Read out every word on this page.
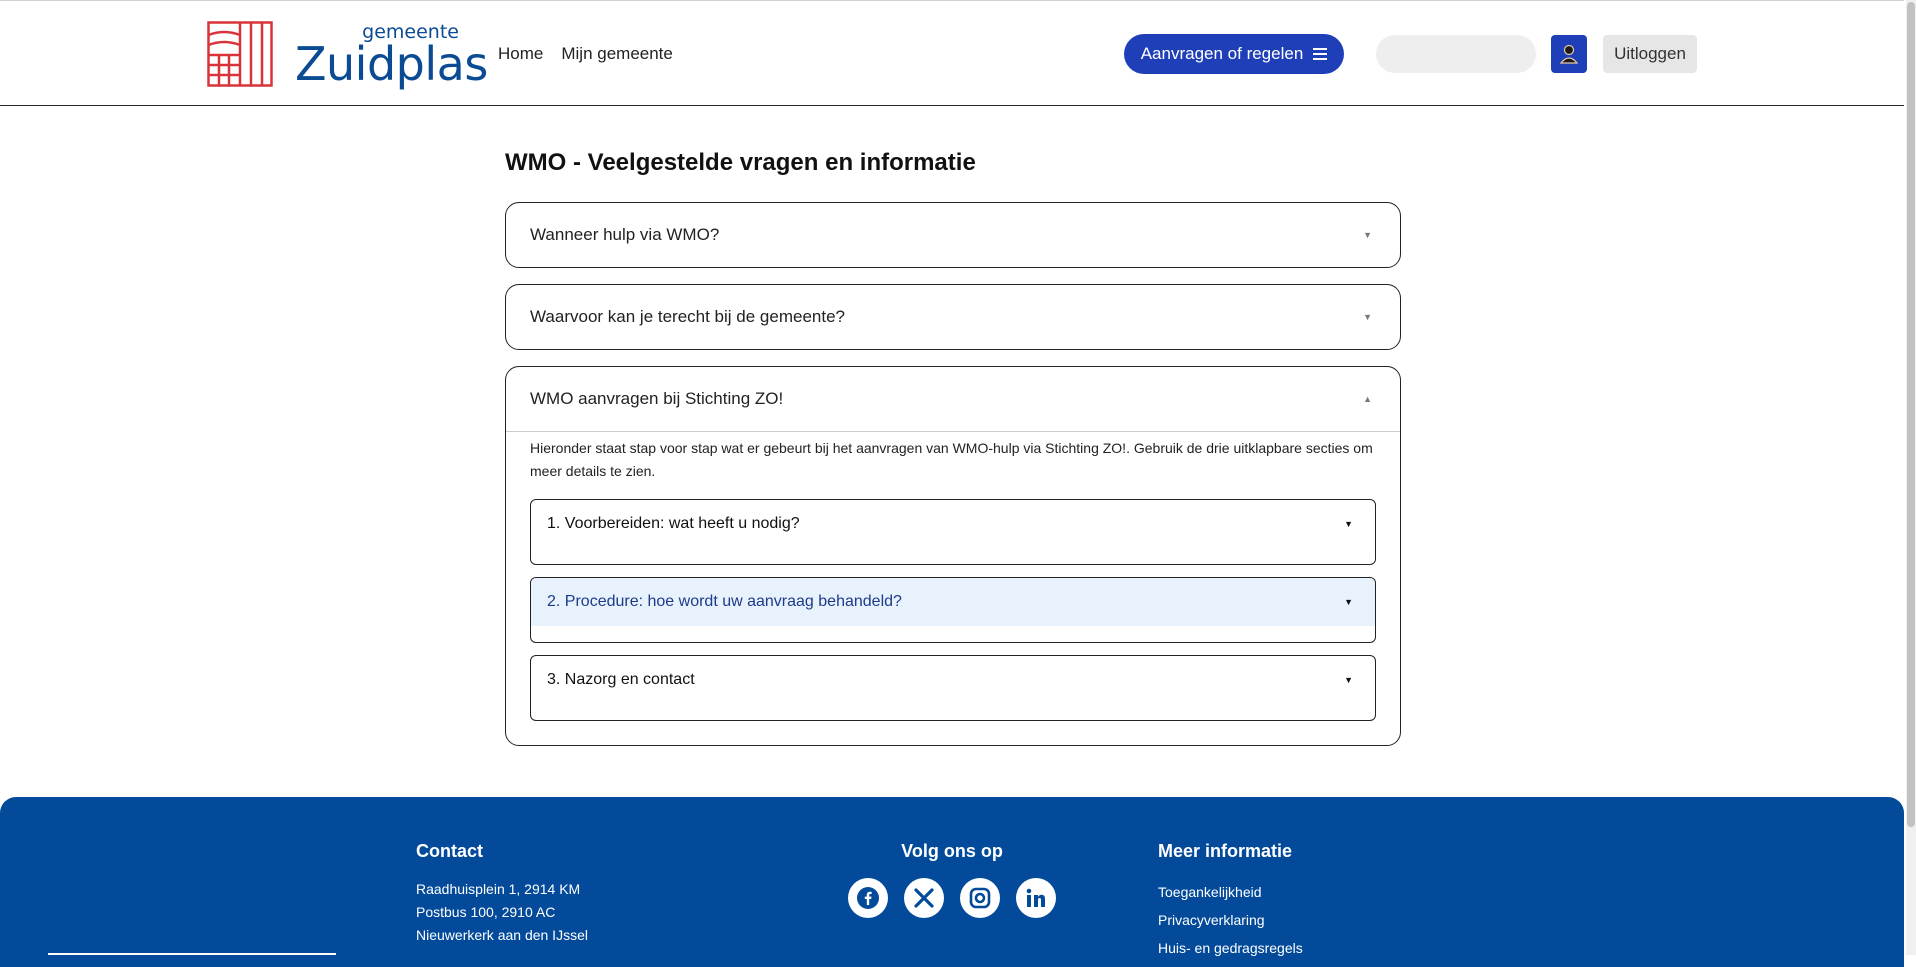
gemeente
Zuidplas Home Mijn gemeente	Aanvragen of regelen	Uitloggen
WMO - Veelgestelde vragen en informatie
Wanneer hulp via WMO?	▼
Waarvoor kan je terecht bij de gemeente?	▼
WMO aanvragen bij Stichting ZO!	▲

Hieronder staat stap voor stap wat er gebeurt bij het aanvragen van WMO-hulp via Stichting ZO!. Gebruik de drie uitklapbare secties om meer details te zien.

1. Voorbereiden: wat heeft u nodig?	▼
2. Procedure: hoe wordt uw aanvraag behandeld?	▼
3. Nazorg en contact	▼
Contact
Raadhuisplein 1, 2914 KM
Postbus 100, 2910 AC
Nieuwerkerk aan den IJssel
Volg ons op	Meer informatie
Toegankelijkheid
Privacyverklaring
Huis- en gedragsregels
